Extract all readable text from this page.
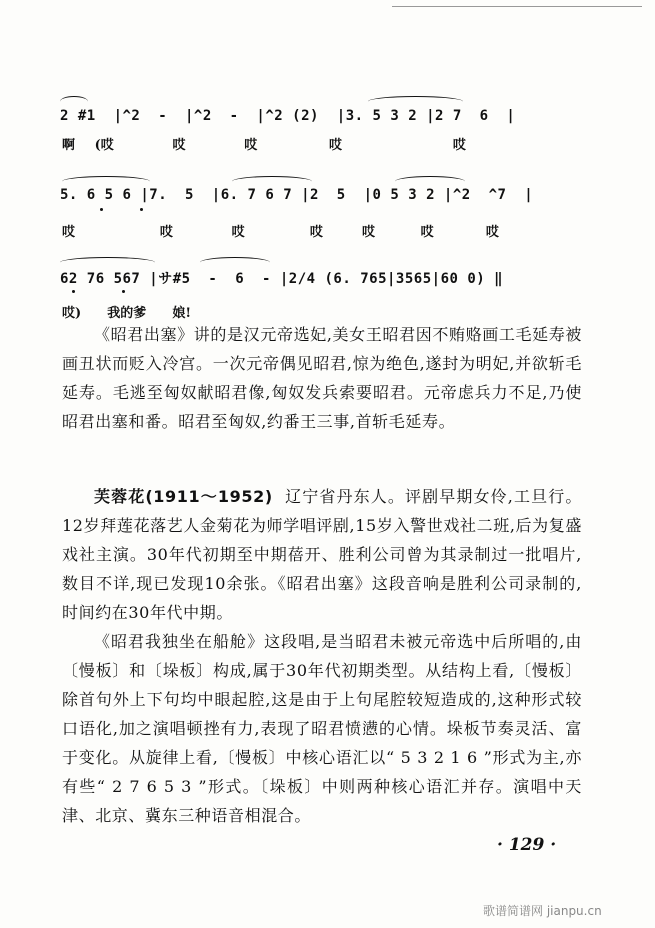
2 #1  |^2  -  |^2  -  |^2 (2)  |3. 5 3 2 |2 7  6  |
啊   (哎         哎         哎           哎                 哎
5. 6 5 6 |7.  5  |6. 7 6 7 |2  5  |0 5 3 2 |^2  ^7  |
哎             哎         哎          哎      哎       哎        哎
62 76 567 |サ#5  -  6  - |2/4 (6. 765|3565|60 0) ‖
哎)    我的爹    娘!

《昭君出塞》讲的是汉元帝选妃,美女王昭君因不贿赂画工毛延寿被画丑状而贬入冷宫。一次元帝偶见昭君,惊为绝色,遂封为明妃,并欲斩毛延寿。毛逃至匈奴献昭君像,匈奴发兵索要昭君。元帝虑兵力不足,乃使昭君出塞和番。昭君至匈奴,约番王三事,首斩毛延寿。

芙蓉花(1911～1952) 辽宁省丹东人。评剧早期女伶,工旦行。12岁拜莲花落艺人金菊花为师学唱评剧,15岁入警世戏社二班,后为复盛戏社主演。30年代初期至中期蓓开、胜利公司曾为其录制过一批唱片,数目不详,现已发现10余张。《昭君出塞》这段音响是胜利公司录制的,时间约在30年代中期。

《昭君我独坐在船舱》这段唱,是当昭君未被元帝选中后所唱的,由〔慢板〕和〔垛板〕构成,属于30年代初期类型。从结构上看,〔慢板〕除首句外上下句均中眼起腔,这是由于上句尾腔较短造成的,这种形式较口语化,加之演唱顿挫有力,表现了昭君愤懑的心情。垛板节奏灵活、富于变化。从旋律上看,〔慢板〕中核心语汇以“ 5 3 2 1 6 ”形式为主,亦有些“ 2 7 6 5 3 ”形式。〔垛板〕中则两种核心语汇并存。演唱中天津、北京、冀东三种语音相混合。

· 129 ·
歌谱简谱网 jianpu.cn
